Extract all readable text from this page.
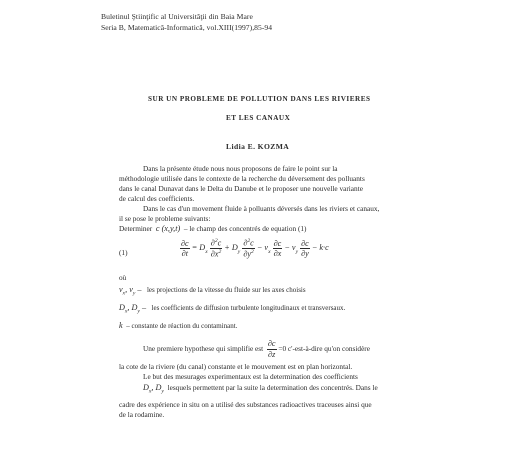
Buletinul Ştiinţific al Universităţii din Baia Mare
Seria B, Matematică-Informatică, vol.XIII(1997),85-94
SUR UN PROBLEME DE POLLUTION DANS LES RIVIERES
ET LES CANAUX
Lidia E. KOZMA
Dans la présente étude nous nous proposons de faire le point sur la
méthodologie utilisée dans le contexte de la recherche du déversement des polluants
dans le canal Dunavat dans le Delta du Danube et le proposer une nouvelle variante
de calcul des coefficients.
Dans le cas d'un movement fluide à polluants déversés dans les riviers et canaux,
il se pose le probleme suivants:
Determiner c (x,y,t) – le champ des concentrés de equation (1)
(1)	$\frac{\partial c}{\partial t} = D_x \frac{\partial^2c}{\partial x^2} + D_y \frac{\partial^2c}{\partial y^2} - v_x \frac{\partial c}{\partial x} - v_y \frac{\partial c}{\partial y} - k\cdot c$
où
$v_x$, $v_y$ – les projections de la vitesse du fluide sur les axes choisis
$D_x$, $D_y$ – les coefficients de diffusion turbulente longitudinaux et transversaux.
k – constante de réaction du contaminant.
Une premiere hypothese qui simplifie est $\frac{\partial c}{\partial z} =0$ c'-est-à-dire qu'on considère
la cote de la riviere (du canal) constante et le mouvement est en plan horizontal.
Le but des mesurages experimentaux est la determination des coefficients
$D_x$, $D_y$ lesquels permettent par la suite la determination des concentrés. Dans le
cadre des expérience in situ on a utilisé des substances radioactives traceuses ainsi que
de la rodamine.
